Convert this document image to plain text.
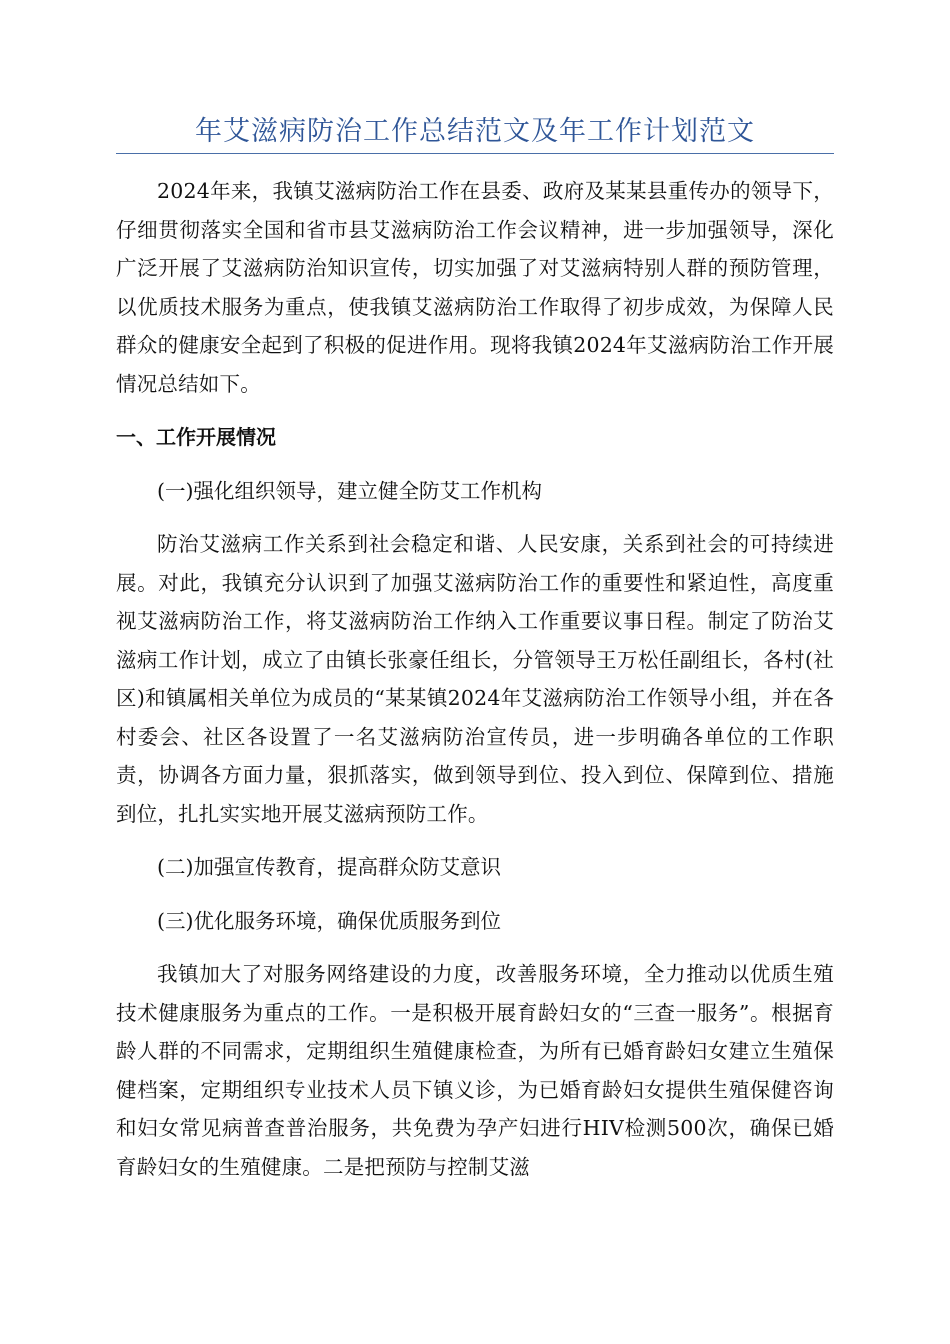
年艾滋病防治工作总结范文及年工作计划范文

2024年来，我镇艾滋病防治工作在县委、政府及某某县重传办的领导下，仔细贯彻落实全国和省市县艾滋病防治工作会议精神，进一步加强领导，深化广泛开展了艾滋病防治知识宣传，切实加强了对艾滋病特别人群的预防管理，以优质技术服务为重点，使我镇艾滋病防治工作取得了初步成效，为保障人民群众的健康安全起到了积极的促进作用。现将我镇2024年艾滋病防治工作开展情况总结如下。

一、工作开展情况

(一)强化组织领导，建立健全防艾工作机构

防治艾滋病工作关系到社会稳定和谐、人民安康，关系到社会的可持续进展。对此，我镇充分认识到了加强艾滋病防治工作的重要性和紧迫性，高度重视艾滋病防治工作，将艾滋病防治工作纳入工作重要议事日程。制定了防治艾滋病工作计划，成立了由镇长张豪任组长，分管领导王万松任副组长，各村(社区)和镇属相关单位为成员的“某某镇2024年艾滋病防治工作领导小组，并在各村委会、社区各设置了一名艾滋病防治宣传员，进一步明确各单位的工作职责，协调各方面力量，狠抓落实，做到领导到位、投入到位、保障到位、措施到位，扎扎实实地开展艾滋病预防工作。

(二)加强宣传教育，提高群众防艾意识

(三)优化服务环境，确保优质服务到位

我镇加大了对服务网络建设的力度，改善服务环境，全力推动以优质生殖技术健康服务为重点的工作。一是积极开展育龄妇女的“三查一服务”。根据育龄人群的不同需求，定期组织生殖健康检查，为所有已婚育龄妇女建立生殖保健档案，定期组织专业技术人员下镇义诊，为已婚育龄妇女提供生殖保健咨询和妇女常见病普查普治服务，共免费为孕产妇进行HIV检测500次，确保已婚育龄妇女的生殖健康。二是把预防与控制艾滋
